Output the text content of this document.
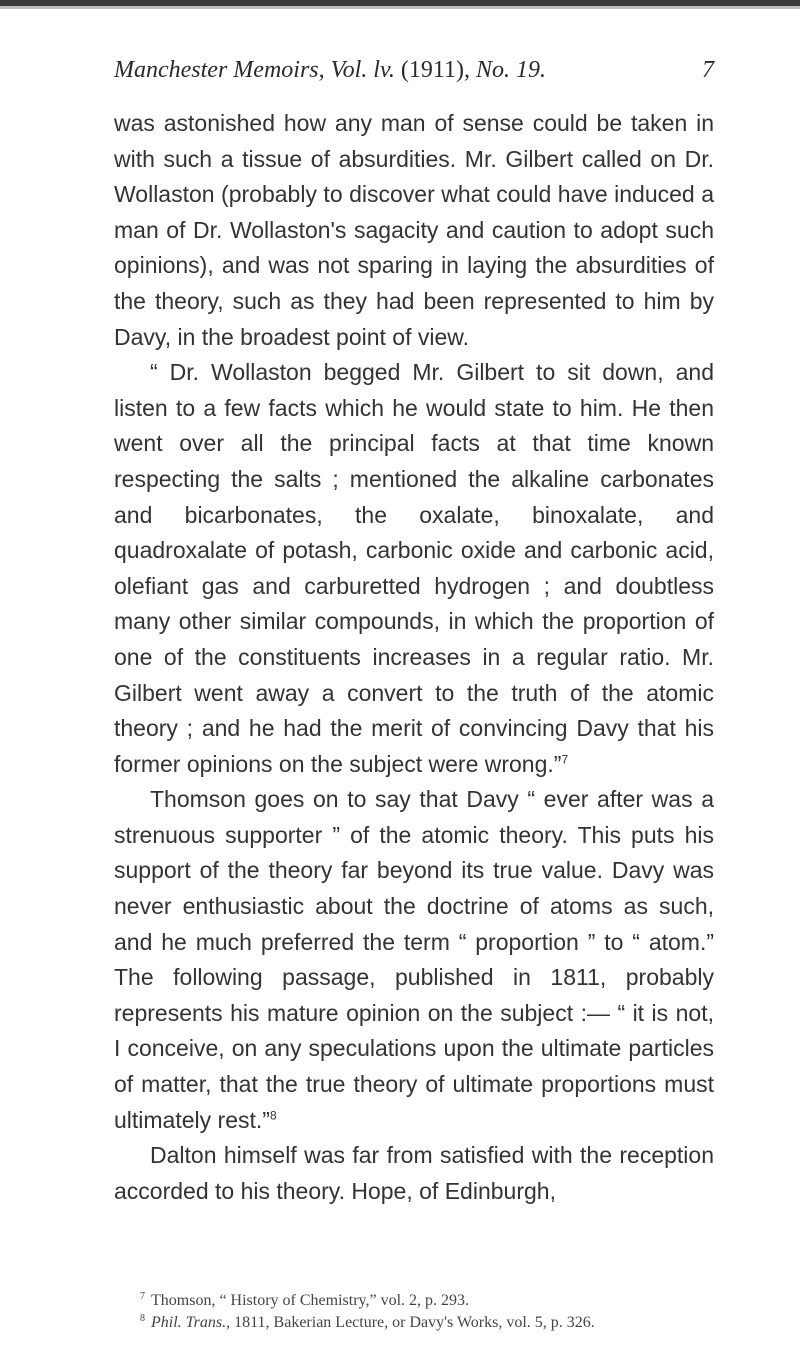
Manchester Memoirs, Vol. lv. (1911), No. 19.	7

was astonished how any man of sense could be taken in with such a tissue of absurdities. Mr. Gilbert called on Dr. Wollaston (probably to discover what could have induced a man of Dr. Wollaston's sagacity and caution to adopt such opinions), and was not sparing in laying the absurdities of the theory, such as they had been represented to him by Davy, in the broadest point of view.

“ Dr. Wollaston begged Mr. Gilbert to sit down, and listen to a few facts which he would state to him. He then went over all the principal facts at that time known respecting the salts ; mentioned the alkaline carbonates and bicarbonates, the oxalate, binoxalate, and quadroxalate of potash, carbonic oxide and carbonic acid, olefiant gas and carburetted hydrogen ; and doubtless many other similar compounds, in which the proportion of one of the constituents increases in a regular ratio. Mr. Gilbert went away a convert to the truth of the atomic theory ; and he had the merit of convincing Davy that his former opinions on the subject were wrong.”$^7$

Thomson goes on to say that Davy “ ever after was a strenuous supporter ” of the atomic theory. This puts his support of the theory far beyond its true value. Davy was never enthusiastic about the doctrine of atoms as such, and he much preferred the term “ proportion ” to “ atom.” The following passage, published in 1811, probably represents his mature opinion on the subject :— “ it is not, I conceive, on any speculations upon the ultimate particles of matter, that the true theory of ultimate proportions must ultimately rest.”$^8$

Dalton himself was far from satisfied with the reception accorded to his theory. Hope, of Edinburgh,

$^7$ Thomson, “ History of Chemistry,” vol. 2, p. 293.
$^8$ Phil. Trans., 1811, Bakerian Lecture, or Davy's Works, vol. 5, p. 326.
